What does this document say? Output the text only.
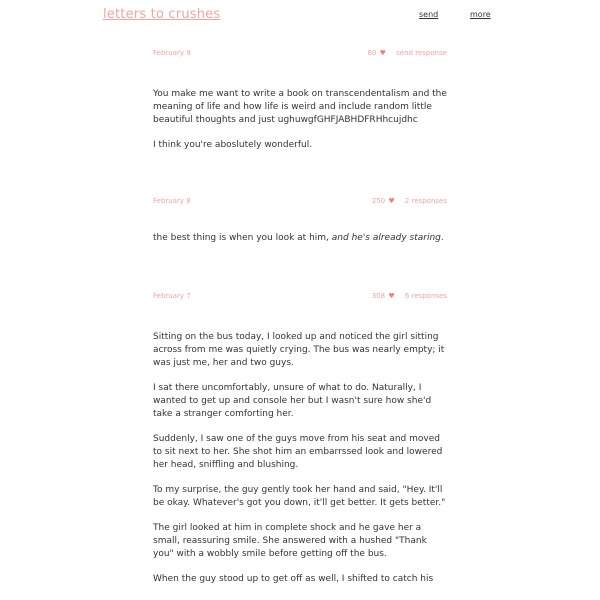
letters to crushes	send	more
February 9	80 ♥ send response

You make me want to write a book on transcendentalism and the meaning of life and how life is weird and include random little beautiful thoughts and just ughuwgfGHFJABHDFRHhcujdhc

I think you're aboslutely wonderful.

February 8	250 ♥ 2 responses

the best thing is when you look at him, and he's already staring.

February 7	308 ♥ 6 responses

Sitting on the bus today, I looked up and noticed the girl sitting across from me was quietly crying. The bus was nearly empty; it was just me, her and two guys.

I sat there uncomfortably, unsure of what to do. Naturally, I wanted to get up and console her but I wasn't sure how she'd take a stranger comforting her.

Suddenly, I saw one of the guys move from his seat and moved to sit next to her. She shot him an embarrssed look and lowered her head, sniffling and blushing.

To my surprise, the guy gently took her hand and said, "Hey. It'll be okay. Whatever's got you down, it'll get better. It gets better."

The girl looked at him in complete shock and he gave her a small, reassuring smile. She answered with a hushed "Thank you" with a wobbly smile before getting off the bus.

When the guy stood up to get off as well, I shifted to catch his
